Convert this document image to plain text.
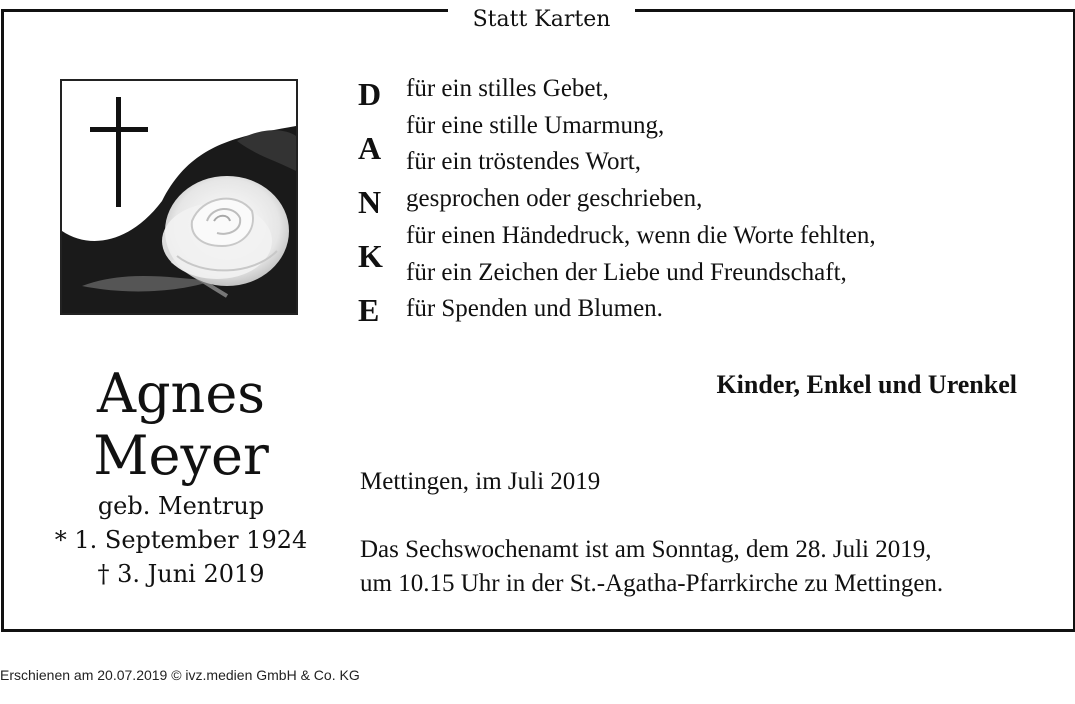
Statt Karten
Agnes
Meyer
geb. Mentrup
* 1. September 1924
† 3. Juni 2019
D
A
N
K
E
für ein stilles Gebet,
für eine stille Umarmung,
für ein tröstendes Wort,
gesprochen oder geschrieben,
für einen Händedruck, wenn die Worte fehlten,
für ein Zeichen der Liebe und Freundschaft,
für Spenden und Blumen.
Kinder, Enkel und Urenkel
Mettingen, im Juli 2019
Das Sechswochenamt ist am Sonntag, dem 28. Juli 2019,
um 10.15 Uhr in der St.-Agatha-Pfarrkirche zu Mettingen.
Erschienen am 20.07.2019 © ivz.medien GmbH & Co. KG
